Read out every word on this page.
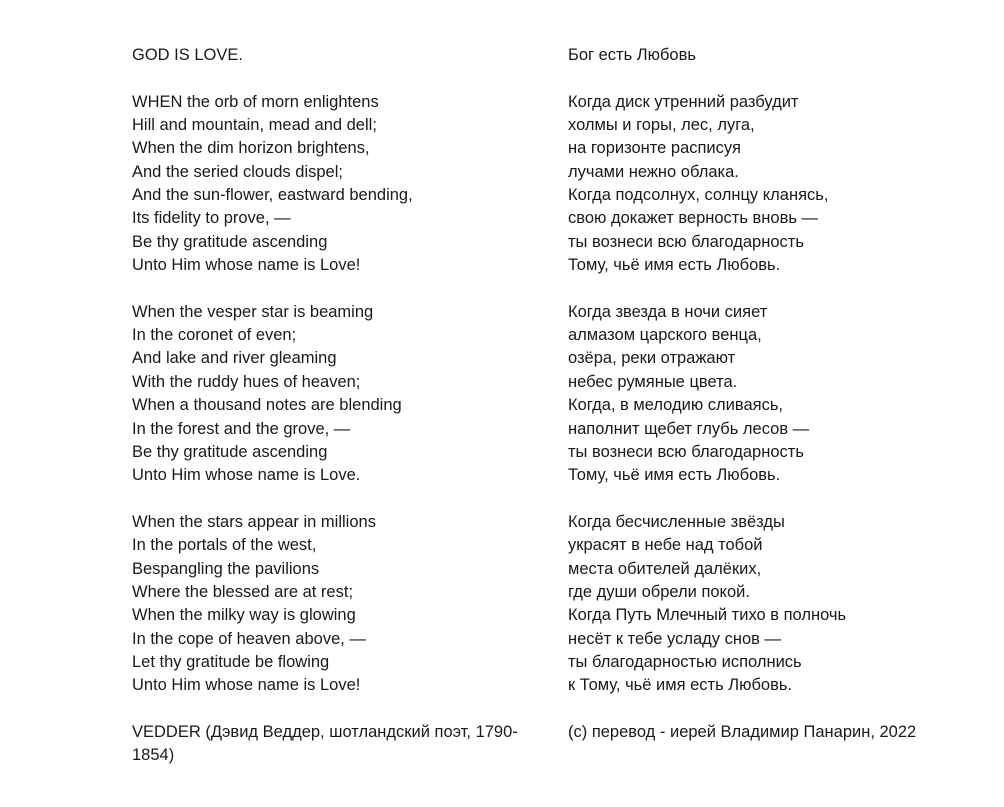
GOD IS LOVE.
WHEN the orb of morn enlightens
Hill and mountain, mead and dell;
When the dim horizon brightens,
And the seried clouds dispel;
And the sun-flower, eastward bending,
Its fidelity to prove, —
Be thy gratitude ascending
Unto Him whose name is Love!
When the vesper star is beaming
In the coronet of even;
And lake and river gleaming
With the ruddy hues of heaven;
When a thousand notes are blending
In the forest and the grove, —
Be thy gratitude ascending
Unto Him whose name is Love.
When the stars appear in millions
In the portals of the west,
Bespangling the pavilions
Where the blessed are at rest;
When the milky way is glowing
In the cope of heaven above, —
Let thy gratitude be flowing
Unto Him whose name is Love!
VEDDER (Дэвид Веддер, шотландский поэт, 1790-1854)
Бог есть Любовь
Когда диск утренний разбудит
холмы и горы, лес, луга,
на горизонте расписуя
лучами нежно облака.
Когда подсолнух, солнцу кланясь,
свою докажет верность вновь —
ты вознеси всю благодарность
Тому, чьё имя есть Любовь.
Когда звезда в ночи сияет
алмазом царского венца,
озёра, реки отражают
небес румяные цвета.
Когда, в мелодию сливаясь,
наполнит щебет глубь лесов —
ты вознеси всю благодарность
Тому, чьё имя есть Любовь.
Когда бесчисленные звёзды
украсят в небе над тобой
места обителей далёких,
где души обрели покой.
Когда Путь Млечный тихо в полночь
несёт к тебе усладу снов —
ты благодарностью исполнись
к Тому, чьё имя есть Любовь.
(c) перевод - иерей Владимир Панарин, 2022
